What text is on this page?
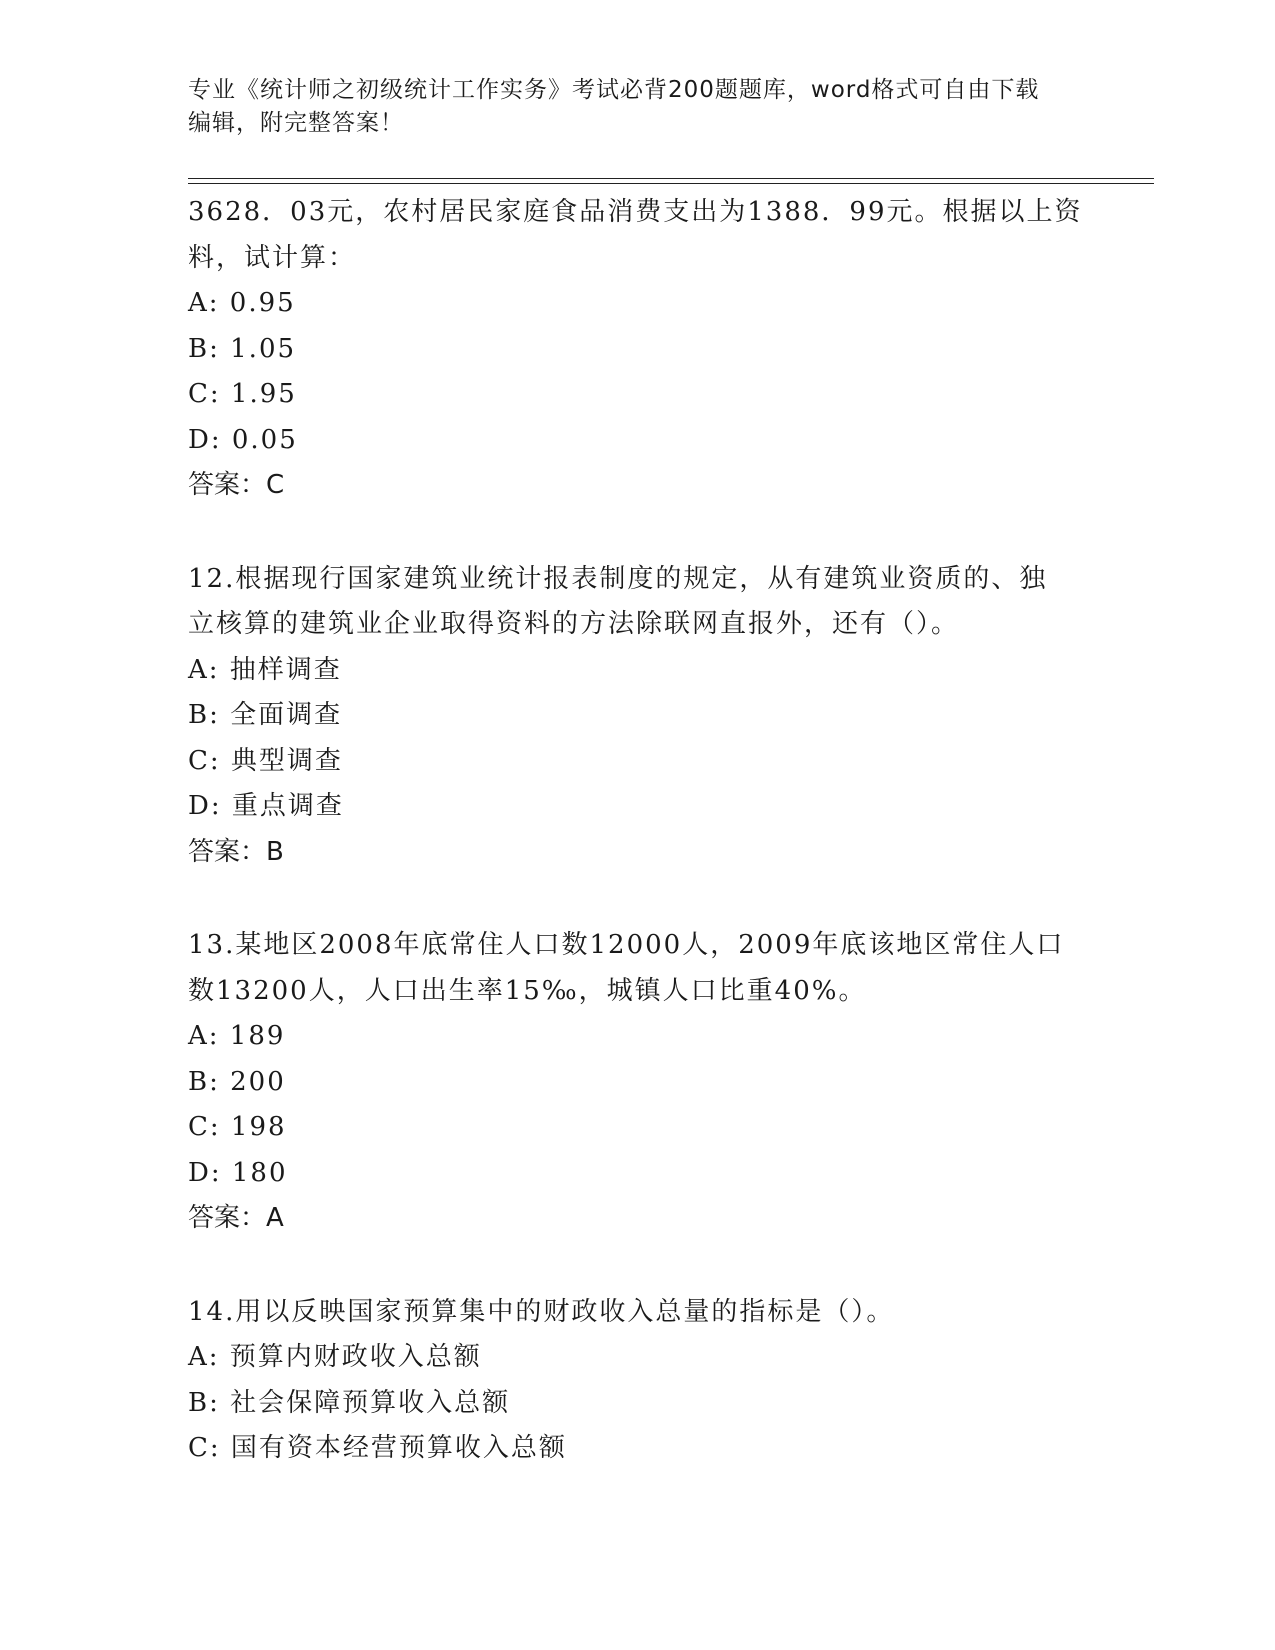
专业《统计师之初级统计工作实务》考试必背200题题库，word格式可自由下载
编辑，附完整答案！
3628．03元，农村居民家庭食品消费支出为1388．99元。根据以上资
料，试计算：
A: 0.95
B: 1.05
C: 1.95
D: 0.05
答案：C
12.根据现行国家建筑业统计报表制度的规定，从有建筑业资质的、独
立核算的建筑业企业取得资料的方法除联网直报外，还有（）。
A: 抽样调查
B: 全面调查
C: 典型调查
D: 重点调查
答案：B
13.某地区2008年底常住人口数12000人，2009年底该地区常住人口
数13200人，人口出生率15‰，城镇人口比重40%。
A: 189
B: 200
C: 198
D: 180
答案：A
14.用以反映国家预算集中的财政收入总量的指标是（）。
A: 预算内财政收入总额
B: 社会保障预算收入总额
C: 国有资本经营预算收入总额
